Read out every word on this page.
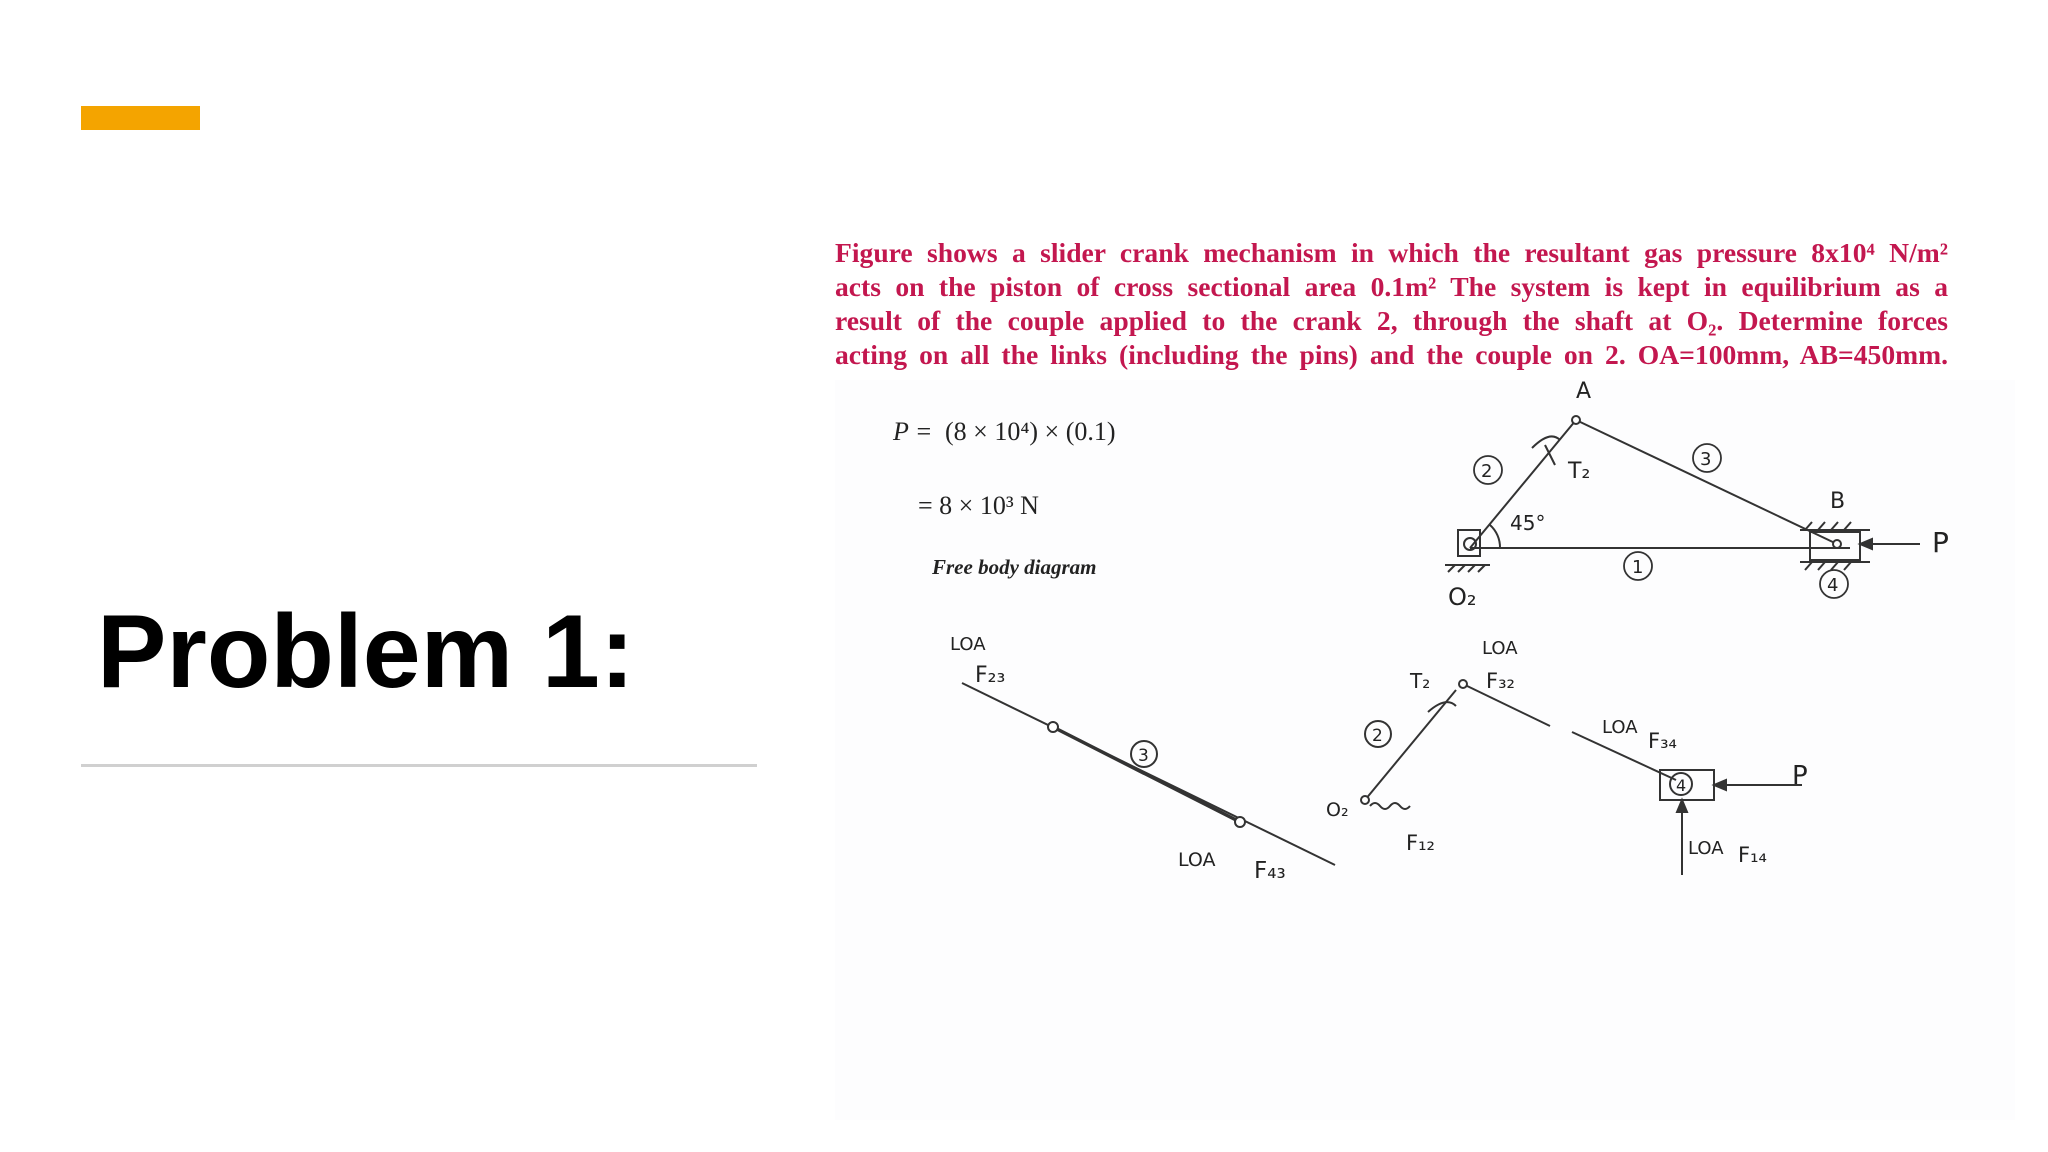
Problem 1:
Figure shows a slider crank mechanism in which the resultant gas pressure 8x10⁴ N/m²
acts on the piston of cross sectional area 0.1m² The system is kept in equilibrium as a
result of the couple applied to the crank 2, through the shaft at O₂. Determine forces
acting on all the links (including the pins) and the couple on 2. OA=100mm, AB=450mm.
P = (8 × 10⁴) × (0.1)
= 8 × 10³ N
Free body diagram
A
B
P
O₂
T₂
45°
2
3
1
4
LOA
F₂₃
3
LOA F₄₃
2
T₂
LOA
F₃₂
O₂
F₁₂
LOA
F₃₄
4	P
LOA F₁₄
